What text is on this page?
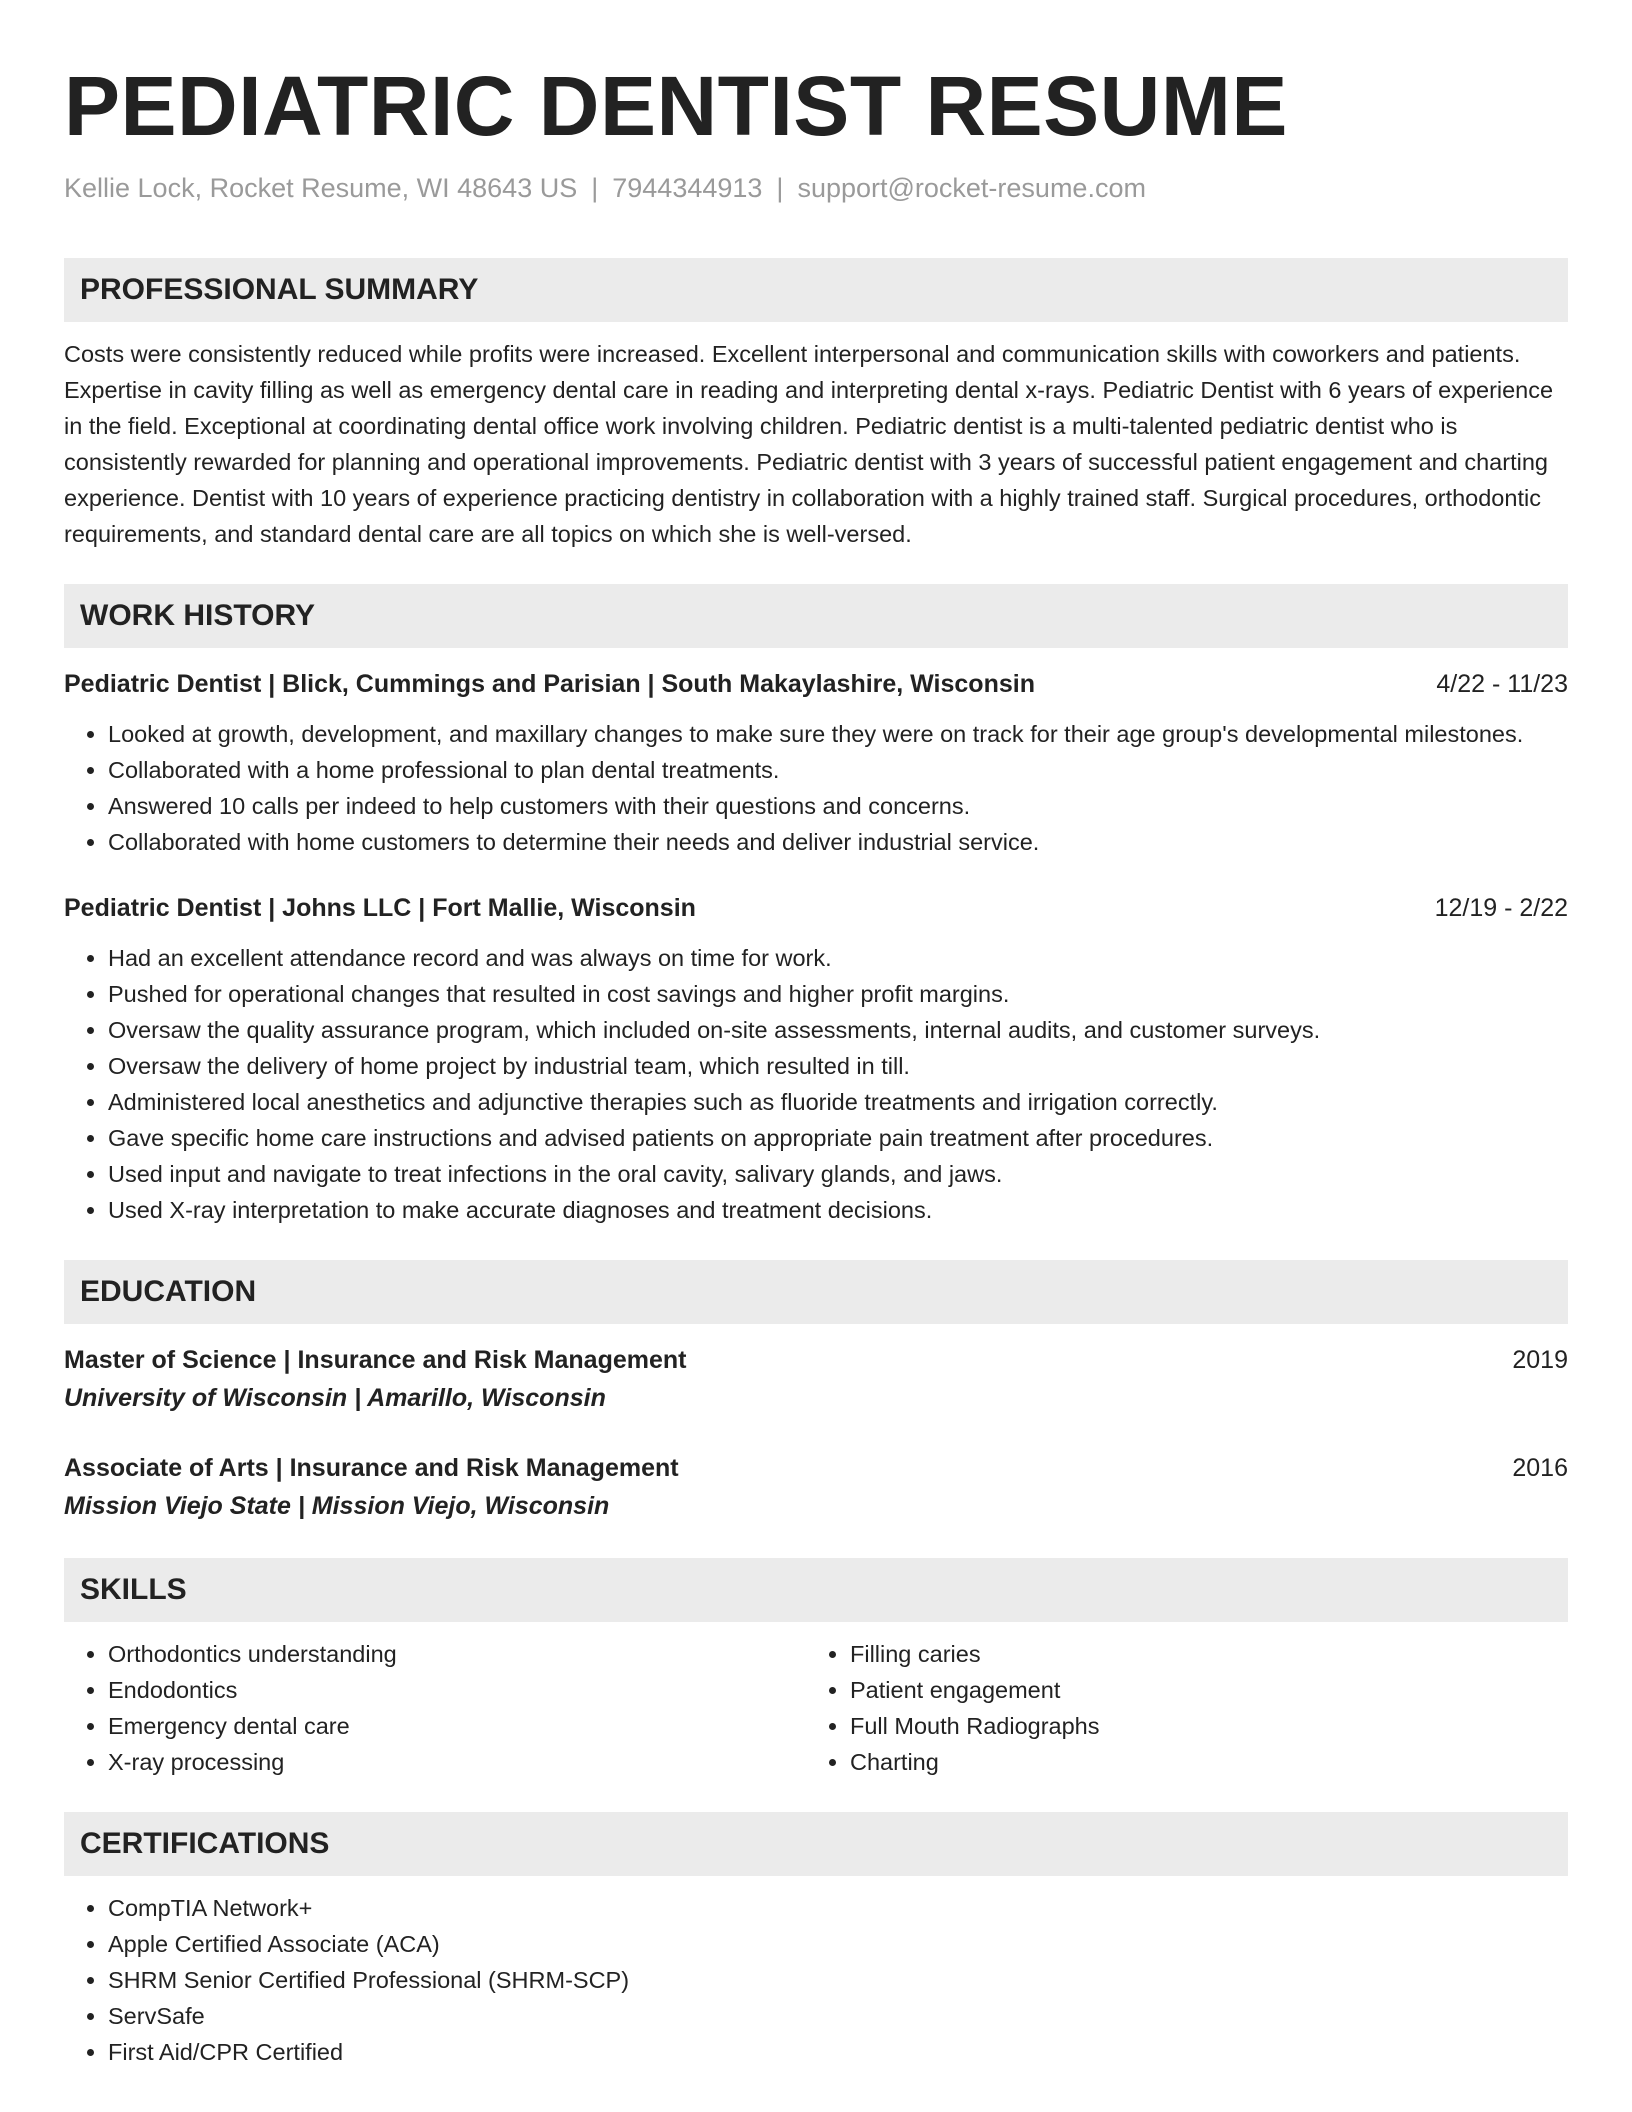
PEDIATRIC DENTIST RESUME
Kellie Lock, Rocket Resume, WI 48643 US | 7944344913 | support@rocket-resume.com
PROFESSIONAL SUMMARY
Costs were consistently reduced while profits were increased. Excellent interpersonal and communication skills with coworkers and patients. Expertise in cavity filling as well as emergency dental care in reading and interpreting dental x-rays. Pediatric Dentist with 6 years of experience in the field. Exceptional at coordinating dental office work involving children. Pediatric dentist is a multi-talented pediatric dentist who is consistently rewarded for planning and operational improvements. Pediatric dentist with 3 years of successful patient engagement and charting experience. Dentist with 10 years of experience practicing dentistry in collaboration with a highly trained staff. Surgical procedures, orthodontic requirements, and standard dental care are all topics on which she is well-versed.
WORK HISTORY
Pediatric Dentist | Blick, Cummings and Parisian | South Makaylashire, Wisconsin	4/22 - 11/23
• Looked at growth, development, and maxillary changes to make sure they were on track for their age group's developmental milestones.
• Collaborated with a home professional to plan dental treatments.
• Answered 10 calls per indeed to help customers with their questions and concerns.
• Collaborated with home customers to determine their needs and deliver industrial service.
Pediatric Dentist | Johns LLC | Fort Mallie, Wisconsin	12/19 - 2/22
• Had an excellent attendance record and was always on time for work.
• Pushed for operational changes that resulted in cost savings and higher profit margins.
• Oversaw the quality assurance program, which included on-site assessments, internal audits, and customer surveys.
• Oversaw the delivery of home project by industrial team, which resulted in till.
• Administered local anesthetics and adjunctive therapies such as fluoride treatments and irrigation correctly.
• Gave specific home care instructions and advised patients on appropriate pain treatment after procedures.
• Used input and navigate to treat infections in the oral cavity, salivary glands, and jaws.
• Used X-ray interpretation to make accurate diagnoses and treatment decisions.
EDUCATION
Master of Science | Insurance and Risk Management	2019
University of Wisconsin | Amarillo, Wisconsin
Associate of Arts | Insurance and Risk Management	2016
Mission Viejo State | Mission Viejo, Wisconsin
SKILLS
• Orthodontics understanding
• Endodontics
• Emergency dental care
• X-ray processing
• Filling caries
• Patient engagement
• Full Mouth Radiographs
• Charting
CERTIFICATIONS
• CompTIA Network+
• Apple Certified Associate (ACA)
• SHRM Senior Certified Professional (SHRM-SCP)
• ServSafe
• First Aid/CPR Certified
